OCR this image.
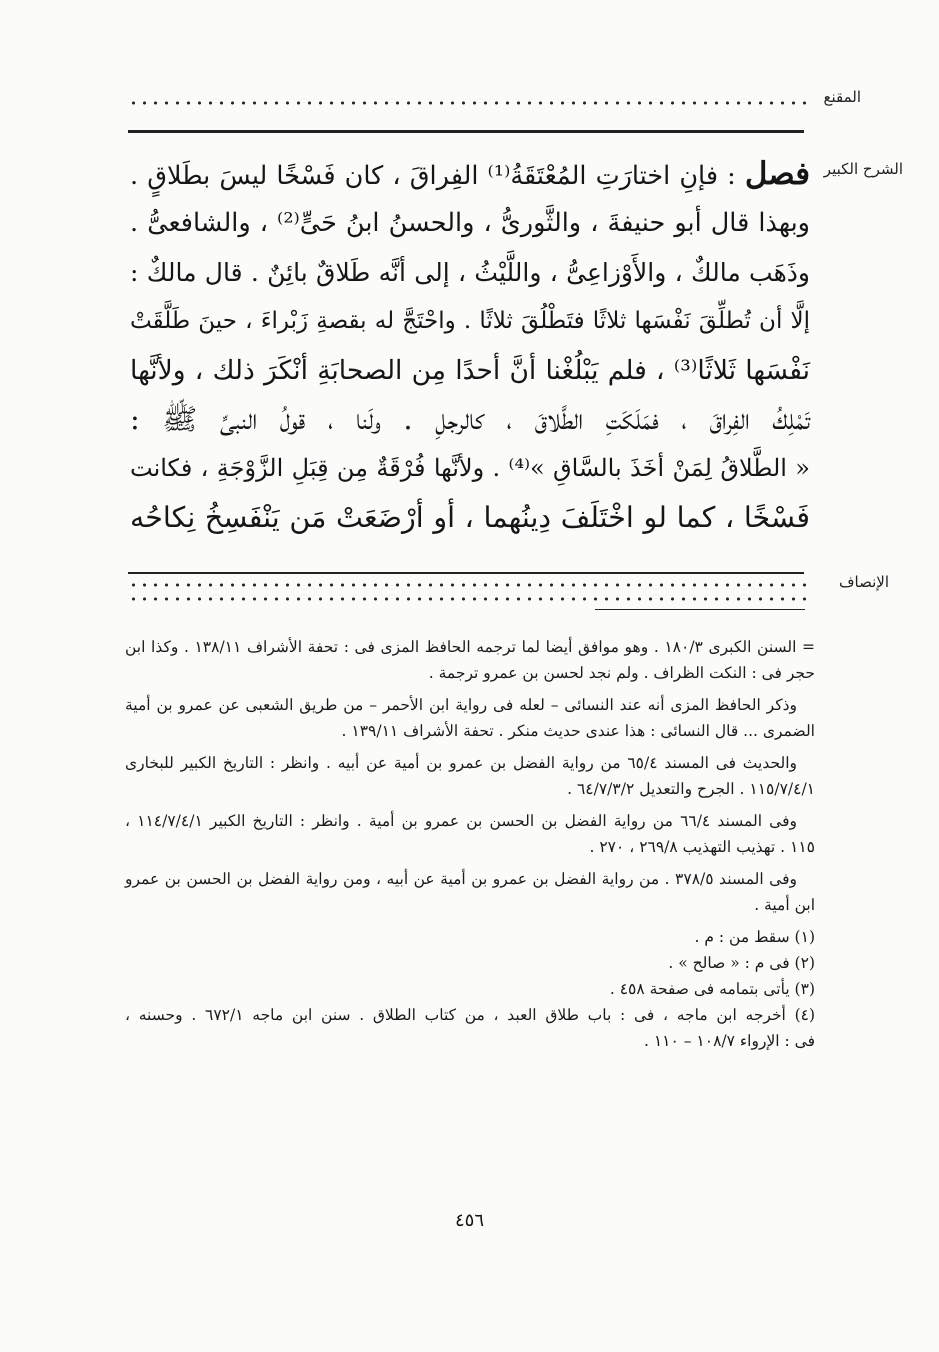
المقنع
الشرح الكبير
فصل : فإنِ اختارَتِ المُعْتَقَةُ⁽¹⁾ الفِراقَ ، كان فَسْخًا ليسَ بطَلاقٍ .
وبهذا قال أبو حنيفةَ ، والثَّورىُّ ، والحسنُ ابنُ حَىٍّ⁽²⁾ ، والشافعىُّ .
وذَهَب مالكٌ ، والأَوْزاعِىُّ ، واللَّيْثُ ، إلى أنَّه طَلاقٌ بائِنٌ . قال مالكٌ :
إلَّا أن تُطلِّقَ نَفْسَها ثلاثًا فتَطْلُقَ ثلاثًا . واحْتَجَّ له بقصةِ زَبْراءَ ، حينَ طَلَّقَتْ
نَفْسَها ثَلاثًا⁽³⁾ ، فلم يَبْلُغْنا أنَّ أحدًا مِن الصحابَةِ أنْكَرَ ذلك ، ولأنَّها
تَمْلِكُ الفِراقَ ، فمَلَكَتِ الطَّلاقَ ، كالرجلِ . ولَنا ، قولُ النبىِّ ﷺ :
« الطَّلاقُ لِمَنْ أخَذَ بالسَّاقِ »⁽⁴⁾ . ولأنَّها فُرْقَةٌ مِن قِبَلِ الزَّوْجَةِ ، فكانت
فَسْخًا ، كما لو اخْتَلَفَ دِينُهما ، أو أرْضَعَتْ مَن يَنْفَسِخُ نِكاحُه
الإنصاف
= السنن الكبرى ١٨٠/٣ . وهو موافق أيضا لما ترجمه الحافظ المزى فى : تحفة الأشراف ١٣٨/١١ . وكذا ابن
حجر فى : النكت الظراف . ولم نجد لحسن بن عمرو ترجمة .
وذكر الحافظ المزى أنه عند النسائى – لعله فى رواية ابن الأحمر – من طريق الشعبى عن عمرو بن أمية
الضمرى ... قال النسائى : هذا عندى حديث منكر . تحفة الأشراف ١٣٩/١١ .
والحديث فى المسند ٦٥/٤ من رواية الفضل بن عمرو بن أمية عن أبيه . وانظر : التاريخ الكبير للبخارى
١١٥/٧/٤/١ . الجرح والتعديل ٦٤/٧/٣/٢ .
وفى المسند ٦٦/٤ من رواية الفضل بن الحسن بن عمرو بن أمية . وانظر : التاريخ الكبير ١١٤/٧/٤/١ ،
١١٥ . تهذيب التهذيب ٢٦٩/٨ ، ٢٧٠ .
وفى المسند ٣٧٨/٥ . من رواية الفضل بن عمرو بن أمية عن أبيه ، ومن رواية الفضل بن الحسن بن عمرو
ابن أمية .
(١) سقط من : م .
(٢) فى م : « صالح » .
(٣) يأتى بتمامه فى صفحة ٤٥٨ .
(٤) أخرجه ابن ماجه ، فى : باب طلاق العبد ، من كتاب الطلاق . سنن ابن ماجه ٦٧٢/١ . وحسنه ،
فى : الإرواء ١٠٨/٧ – ١١٠ .
٤٥٦
